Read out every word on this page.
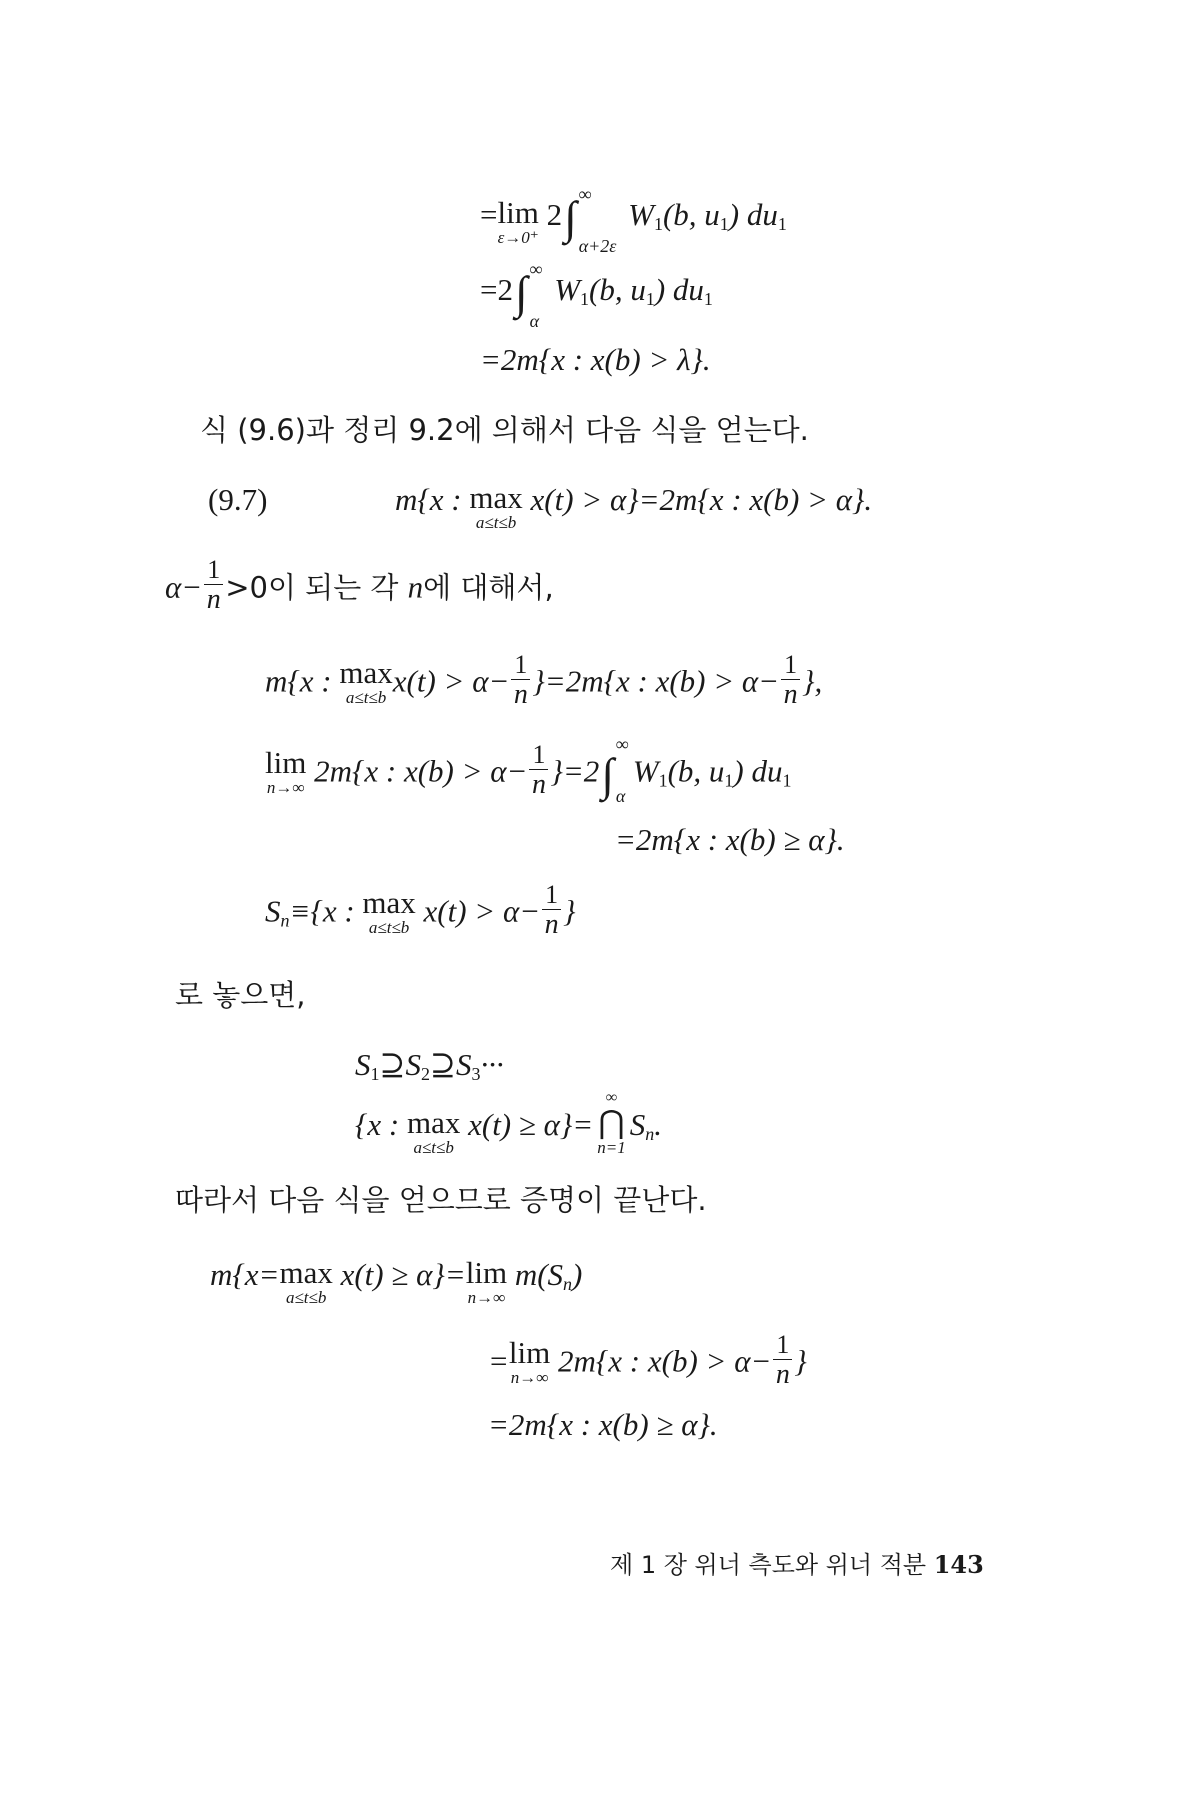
= lim
ε→0⁺
2∫ ∞
α+2ε
$W_1(b$, $u_1$) $du_1$
=2∫ ∞
α
$W_1(b$, $u_1$) $du_1$
=2m{x : x(b) > λ}.
식 (9.6)과 정리 9.2에 의해서 다음 식을 얻는다.
(9.7)	m{x : max
a≤t≤b
x(t) > α}=2m{x : x(b) > α}.
$\alpha- \frac{1}{n} >0$이 되는 각 n에 대해서,
m{x : max
a≤t≤b $x(t) > \alpha- \frac{1}{n} \}=2m\{x$ : $x(b) > \alpha- \frac{1}{n}$ },
lim
n→∞ 2m{x : $x(b) > \alpha- \frac{1}{n} \}=2\int$
∞
α
$W_1(b$, $u_1$) $du_1$
=2m{x : x(b) ≥ α}.
$S_n\equiv\{x$ : max
a≤t≤b $x(t) > \alpha- \frac{1}{n}$ }
로 놓으면,
$S_1⊇S_2⊇S_3\cdot\cdot\cdot$
{x : max
a≤t≤b
x(t) ≥ α}=
∞
⋂
n=1
$S_n$.
따라서 다음 식을 얻으므로 증명이 끝난다.
m{x= max
a≤t≤b
x(t) ≥ α}= lim
n→∞
$m(S_n)$
= lim
n→∞ 2m{x : $x(b) > \alpha- \frac{1}{n}$ }
=2m{x : x(b) ≥ α}.
제 1 장 위너 측도와 위너 적분 143
